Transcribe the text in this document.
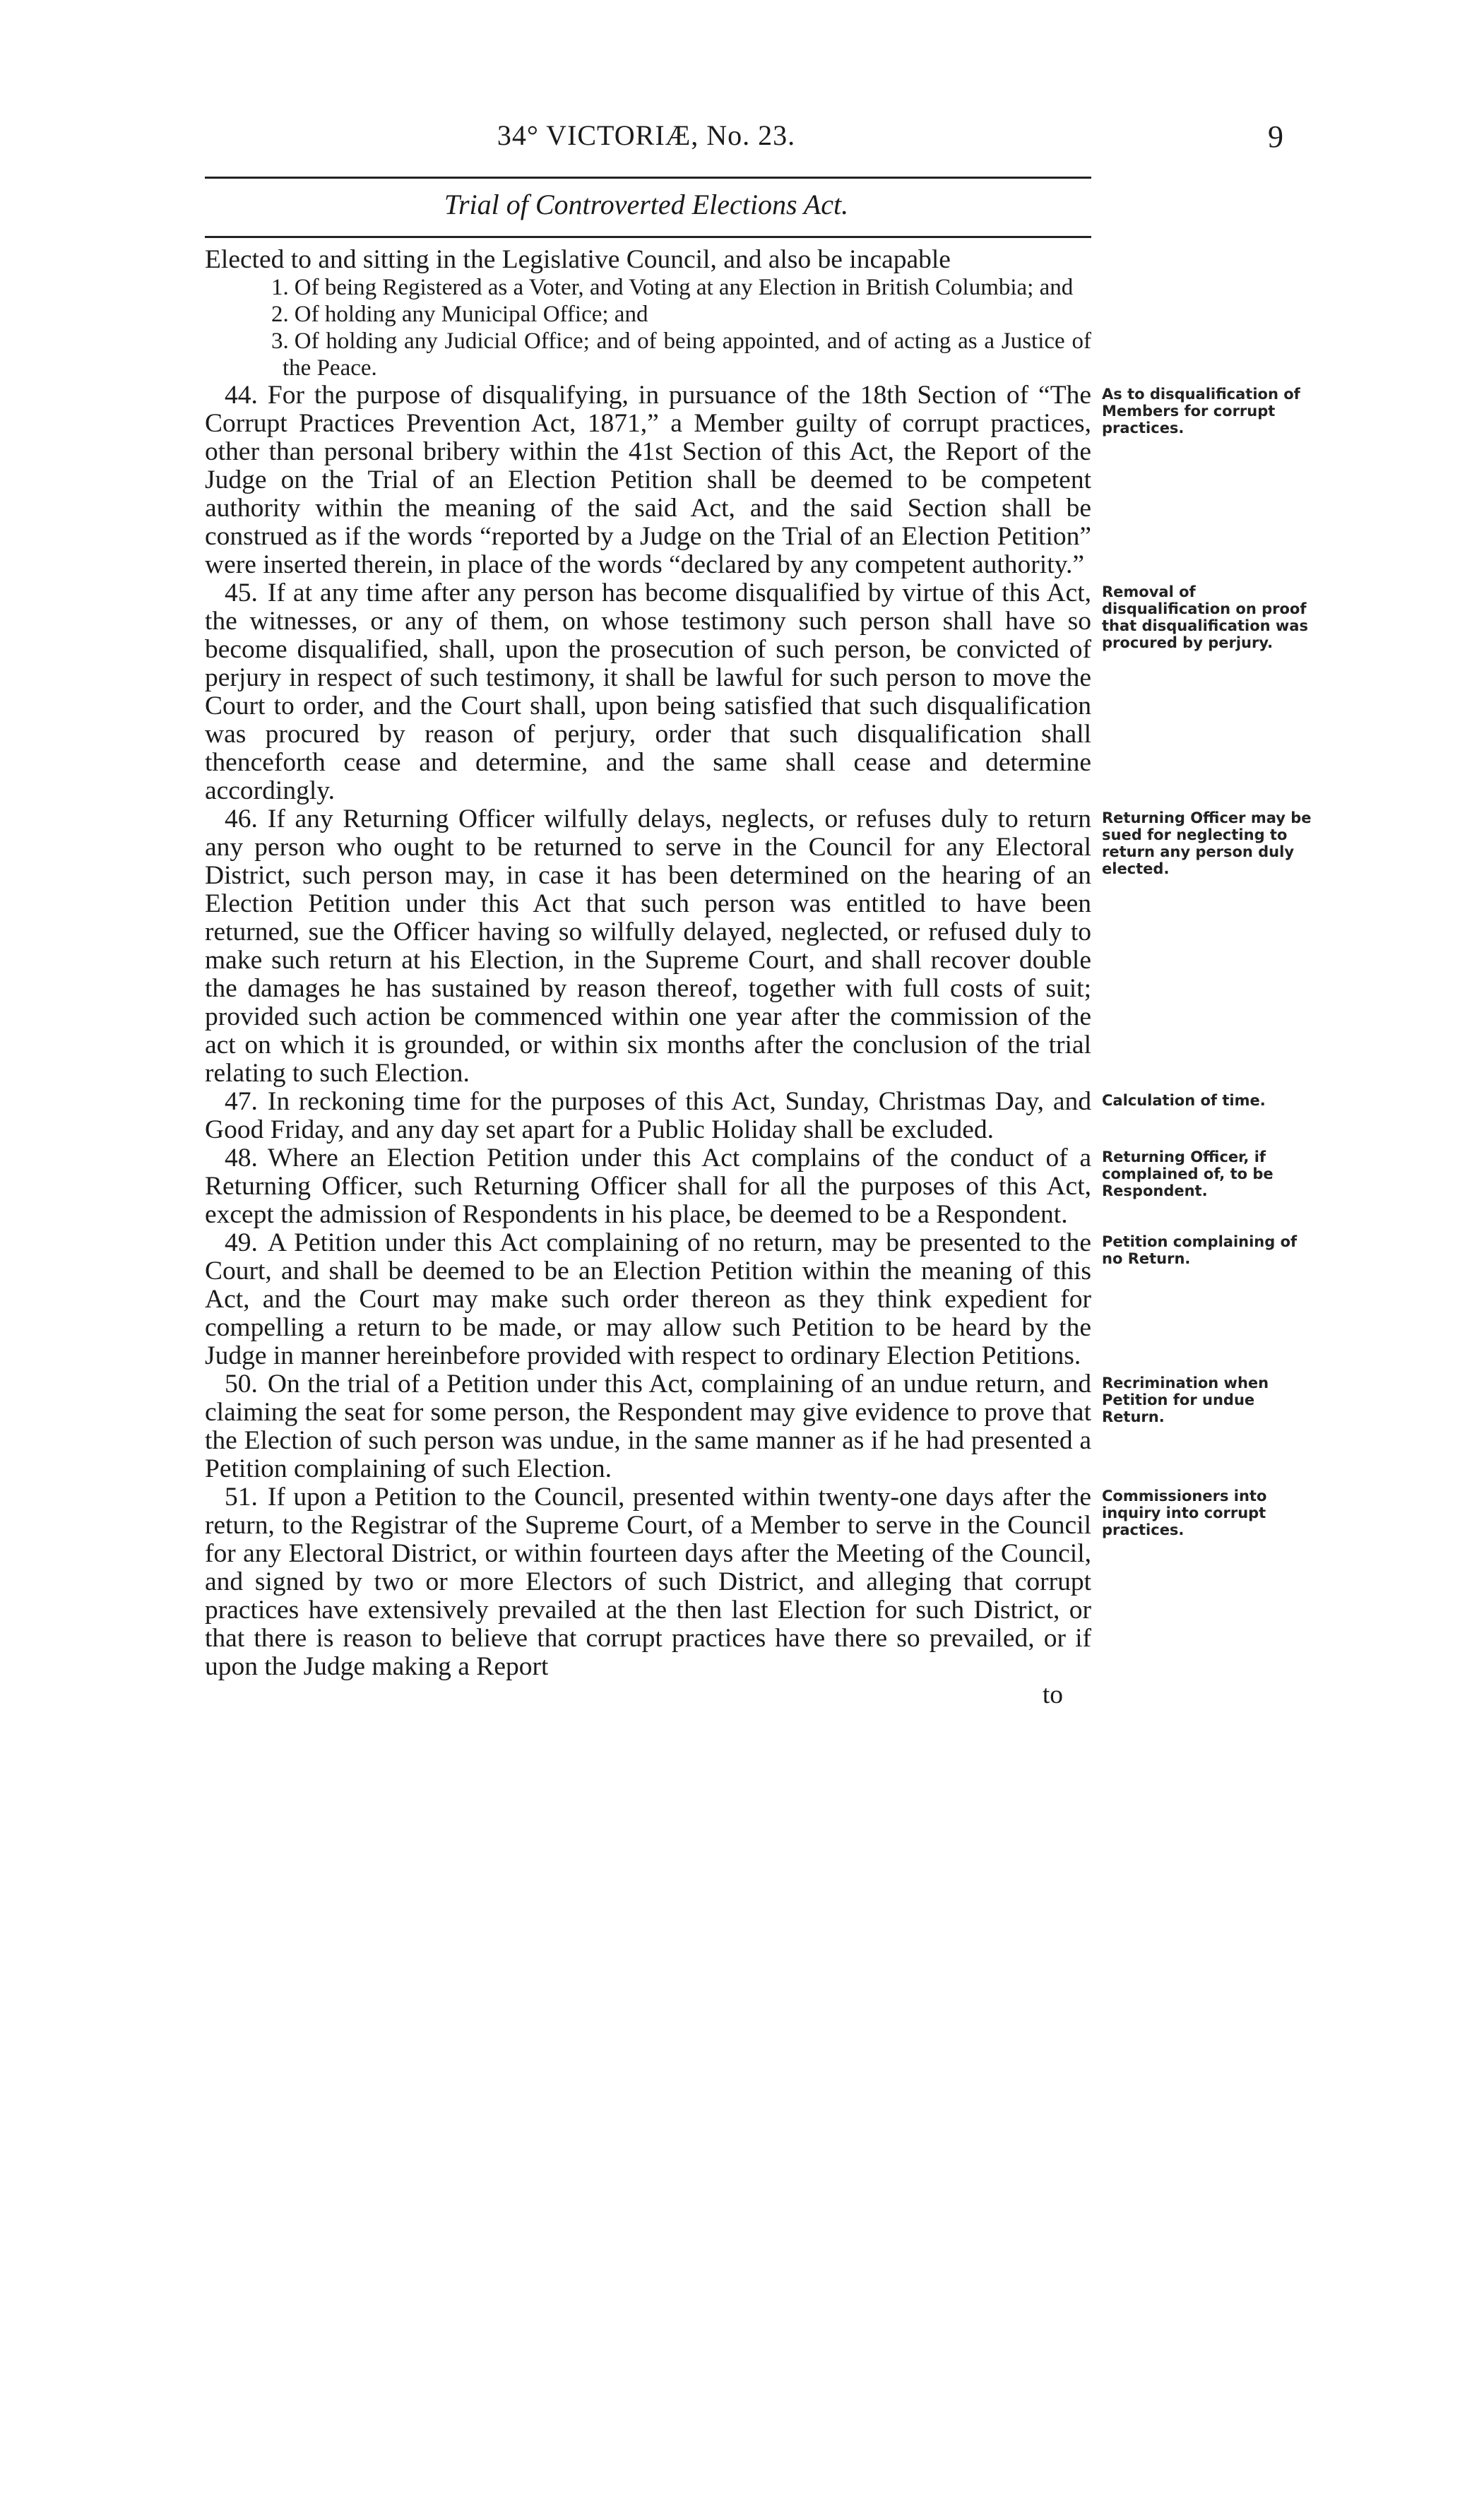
34° VICTORIÆ, No. 23.	9
Trial of Controverted Elections Act.

Elected to and sitting in the Legislative Council, and also be incapable

1. Of being Registered as a Voter, and Voting at any Election in British Columbia; and

2. Of holding any Municipal Office; and

3. Of holding any Judicial Office; and of being appointed, and of acting as a Justice of the Peace.

44. For the purpose of disqualifying, in pursuance of the 18th Section of “The Corrupt Practices Prevention Act, 1871,” a Member guilty of corrupt practices, other than personal bribery within the 41st Section of this Act, the Report of the Judge on the Trial of an Election Petition shall be deemed to be competent authority within the meaning of the said Act, and the said Section shall be construed as if the words “reported by a Judge on the Trial of an Election Petition” were inserted therein, in place of the words “declared by any competent authority.”

45. If at any time after any person has become disqualified by virtue of this Act, the witnesses, or any of them, on whose testimony such person shall have so become disqualified, shall, upon the prosecution of such person, be convicted of perjury in respect of such testimony, it shall be lawful for such person to move the Court to order, and the Court shall, upon being satisfied that such disqualification was procured by reason of perjury, order that such disqualification shall thenceforth cease and determine, and the same shall cease and determine accordingly.

46. If any Returning Officer wilfully delays, neglects, or refuses duly to return any person who ought to be returned to serve in the Council for any Electoral District, such person may, in case it has been determined on the hearing of an Election Petition under this Act that such person was entitled to have been returned, sue the Officer having so wilfully delayed, neglected, or refused duly to make such return at his Election, in the Supreme Court, and shall recover double the damages he has sustained by reason thereof, together with full costs of suit; provided such action be commenced within one year after the commission of the act on which it is grounded, or within six months after the conclusion of the trial relating to such Election.

47. In reckoning time for the purposes of this Act, Sunday, Christmas Day, and Good Friday, and any day set apart for a Public Holiday shall be excluded.

48. Where an Election Petition under this Act complains of the conduct of a Returning Officer, such Returning Officer shall for all the purposes of this Act, except the admission of Respondents in his place, be deemed to be a Respondent.

49. A Petition under this Act complaining of no return, may be presented to the Court, and shall be deemed to be an Election Petition within the meaning of this Act, and the Court may make such order thereon as they think expedient for compelling a return to be made, or may allow such Petition to be heard by the Judge in manner hereinbefore provided with respect to ordinary Election Petitions.

50. On the trial of a Petition under this Act, complaining of an undue return, and claiming the seat for some person, the Respondent may give evidence to prove that the Election of such person was undue, in the same manner as if he had presented a Petition complaining of such Election.

51. If upon a Petition to the Council, presented within twenty-one days after the return, to the Registrar of the Supreme Court, of a Member to serve in the Council for any Electoral District, or within fourteen days after the Meeting of the Council, and signed by two or more Electors of such District, and alleging that corrupt practices have extensively prevailed at the then last Election for such District, or that there is reason to believe that corrupt practices have there so prevailed, or if upon the Judge making a Report

to

As to disqualification of Members for corrupt practices.
Removal of disqualification on proof that disqualification was procured by perjury.
Returning Officer may be sued for neglecting to return any person duly elected.
Calculation of time.
Returning Officer, if complained of, to be Respondent.
Petition complaining of no Return.
Recrimination when Petition for undue Return.
Commissioners into inquiry into corrupt practices.
